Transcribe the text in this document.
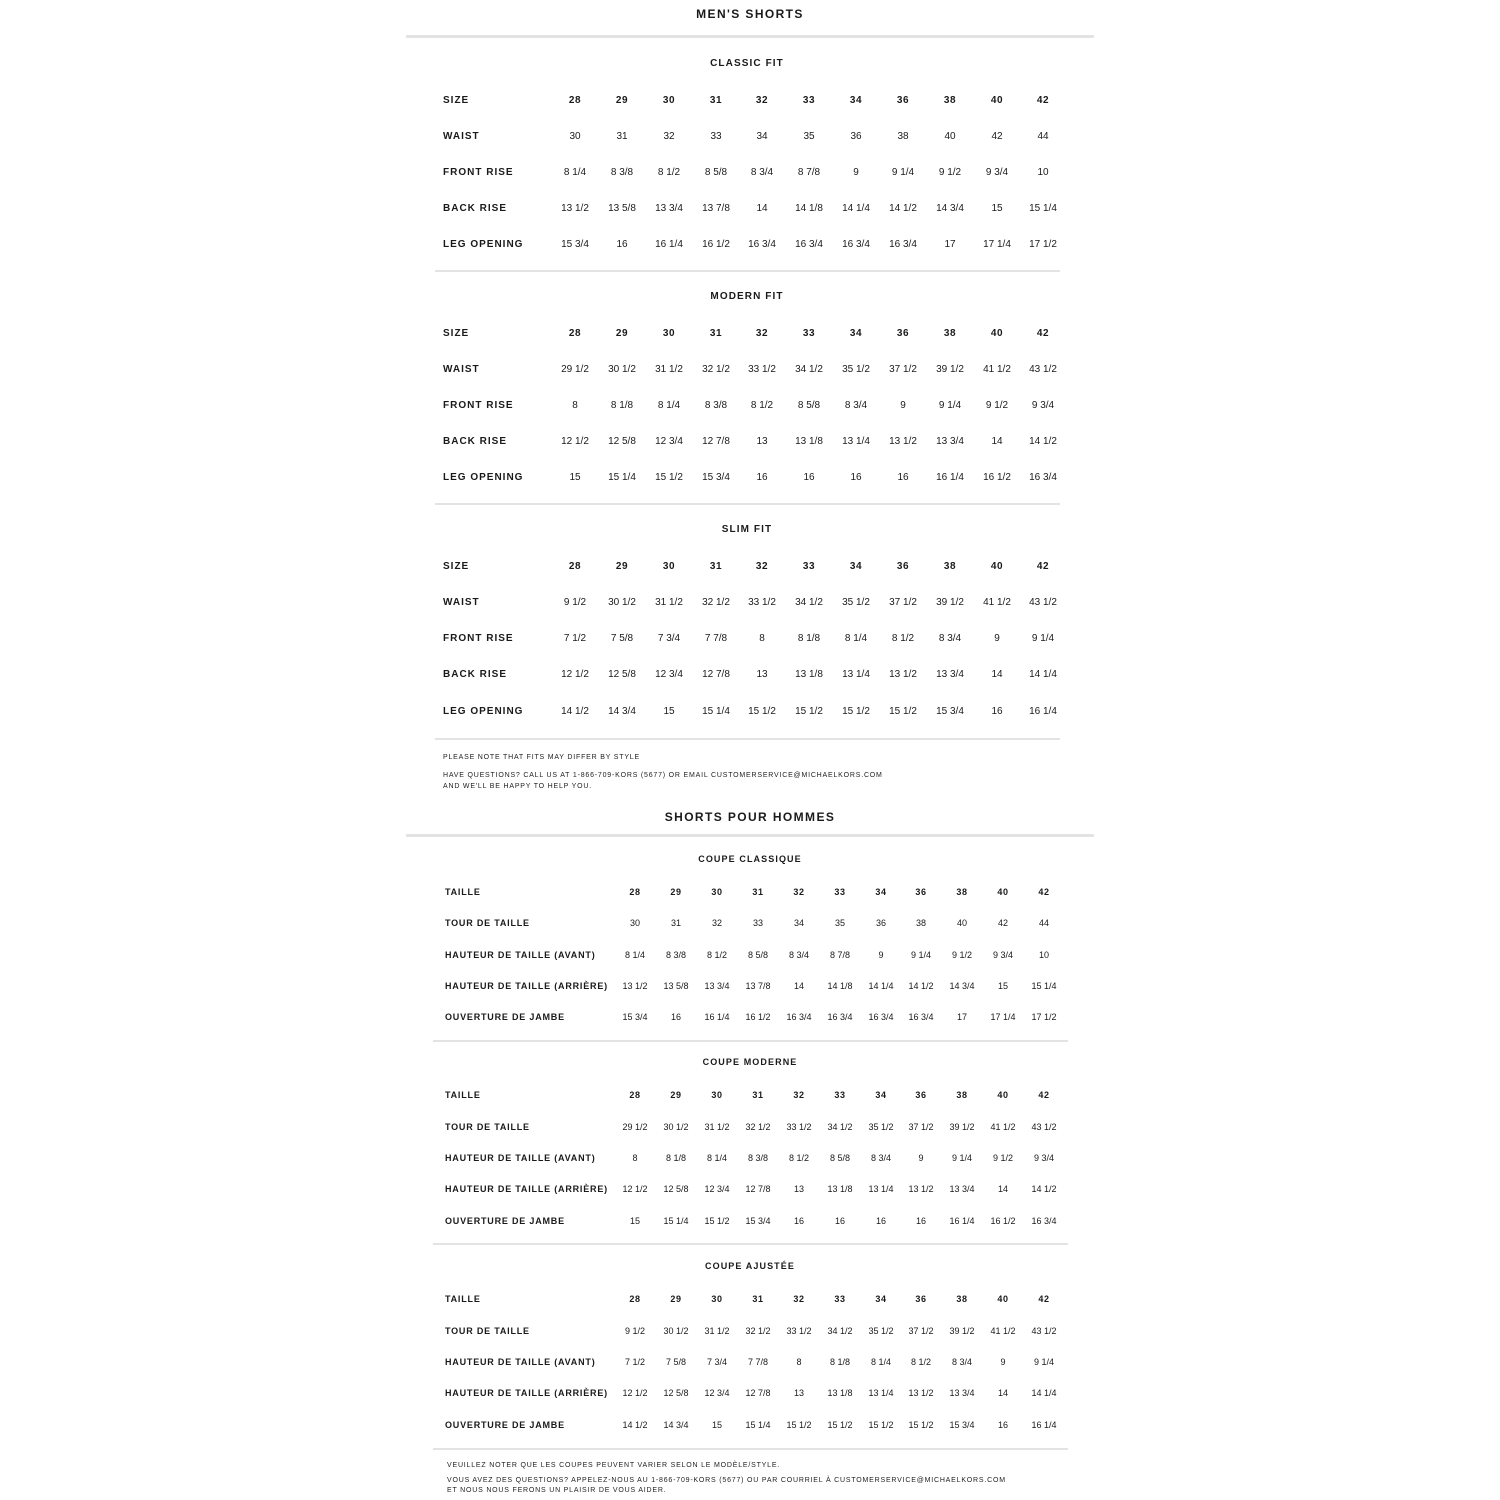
MEN'S SHORTS
CLASSIC FIT
SIZE	28	29	30	31	32	33	34	36	38	40	42
WAIST	30	31	32	33	34	35	36	38	40	42	44
FRONT RISE	8 1/4	8 3/8	8 1/2	8 5/8	8 3/4	8 7/8	9	9 1/4	9 1/2	9 3/4	10
BACK RISE	13 1/2	13 5/8	13 3/4	13 7/8	14	14 1/8	14 1/4	14 1/2	14 3/4	15	15 1/4
LEG OPENING	15 3/4	16	16 1/4	16 1/2	16 3/4	16 3/4	16 3/4	16 3/4	17	17 1/4	17 1/2
MODERN FIT
SIZE	28	29	30	31	32	33	34	36	38	40	42
WAIST	29 1/2	30 1/2	31 1/2	32 1/2	33 1/2	34 1/2	35 1/2	37 1/2	39 1/2	41 1/2	43 1/2
FRONT RISE	8	8 1/8	8 1/4	8 3/8	8 1/2	8 5/8	8 3/4	9	9 1/4	9 1/2	9 3/4
BACK RISE	12 1/2	12 5/8	12 3/4	12 7/8	13	13 1/8	13 1/4	13 1/2	13 3/4	14	14 1/2
LEG OPENING	15	15 1/4	15 1/2	15 3/4	16	16	16	16	16 1/4	16 1/2	16 3/4
SLIM FIT
SIZE	28	29	30	31	32	33	34	36	38	40	42
WAIST	9 1/2	30 1/2	31 1/2	32 1/2	33 1/2	34 1/2	35 1/2	37 1/2	39 1/2	41 1/2	43 1/2
FRONT RISE	7 1/2	7 5/8	7 3/4	7 7/8	8	8 1/8	8 1/4	8 1/2	8 3/4	9	9 1/4
BACK RISE	12 1/2	12 5/8	12 3/4	12 7/8	13	13 1/8	13 1/4	13 1/2	13 3/4	14	14 1/4
LEG OPENING	14 1/2	14 3/4	15	15 1/4	15 1/2	15 1/2	15 1/2	15 1/2	15 3/4	16	16 1/4
PLEASE NOTE THAT FITS MAY DIFFER BY STYLE
HAVE QUESTIONS? CALL US AT 1-866-709-KORS (5677) OR EMAIL CUSTOMERSERVICE@MICHAELKORS.COM
AND WE'LL BE HAPPY TO HELP YOU.
SHORTS POUR HOMMES
COUPE CLASSIQUE
TAILLE	28	29	30	31	32	33	34	36	38	40	42
TOUR DE TAILLE	30	31	32	33	34	35	36	38	40	42	44
HAUTEUR DE TAILLE (AVANT)	8 1/4	8 3/8	8 1/2	8 5/8	8 3/4	8 7/8	9	9 1/4	9 1/2	9 3/4	10
HAUTEUR DE TAILLE (ARRIÈRE)	13 1/2	13 5/8	13 3/4	13 7/8	14	14 1/8	14 1/4	14 1/2	14 3/4	15	15 1/4
OUVERTURE DE JAMBE	15 3/4	16	16 1/4	16 1/2	16 3/4	16 3/4	16 3/4	16 3/4	17	17 1/4	17 1/2
COUPE MODERNE
TAILLE	28	29	30	31	32	33	34	36	38	40	42
TOUR DE TAILLE	29 1/2	30 1/2	31 1/2	32 1/2	33 1/2	34 1/2	35 1/2	37 1/2	39 1/2	41 1/2	43 1/2
HAUTEUR DE TAILLE (AVANT)	8	8 1/8	8 1/4	8 3/8	8 1/2	8 5/8	8 3/4	9	9 1/4	9 1/2	9 3/4
HAUTEUR DE TAILLE (ARRIÈRE)	12 1/2	12 5/8	12 3/4	12 7/8	13	13 1/8	13 1/4	13 1/2	13 3/4	14	14 1/2
OUVERTURE DE JAMBE	15	15 1/4	15 1/2	15 3/4	16	16	16	16	16 1/4	16 1/2	16 3/4
COUPE AJUSTÉE
TAILLE	28	29	30	31	32	33	34	36	38	40	42
TOUR DE TAILLE	9 1/2	30 1/2	31 1/2	32 1/2	33 1/2	34 1/2	35 1/2	37 1/2	39 1/2	41 1/2	43 1/2
HAUTEUR DE TAILLE (AVANT)	7 1/2	7 5/8	7 3/4	7 7/8	8	8 1/8	8 1/4	8 1/2	8 3/4	9	9 1/4
HAUTEUR DE TAILLE (ARRIÈRE)	12 1/2	12 5/8	12 3/4	12 7/8	13	13 1/8	13 1/4	13 1/2	13 3/4	14	14 1/4
OUVERTURE DE JAMBE	14 1/2	14 3/4	15	15 1/4	15 1/2	15 1/2	15 1/2	15 1/2	15 3/4	16	16 1/4
VEUILLEZ NOTER QUE LES COUPES PEUVENT VARIER SELON LE MODÈLE/STYLE.
VOUS AVEZ DES QUESTIONS? APPELEZ-NOUS AU 1-866-709-KORS (5677) OU PAR COURRIEL À CUSTOMERSERVICE@MICHAELKORS.COM
ET NOUS NOUS FERONS UN PLAISIR DE VOUS AIDER.
